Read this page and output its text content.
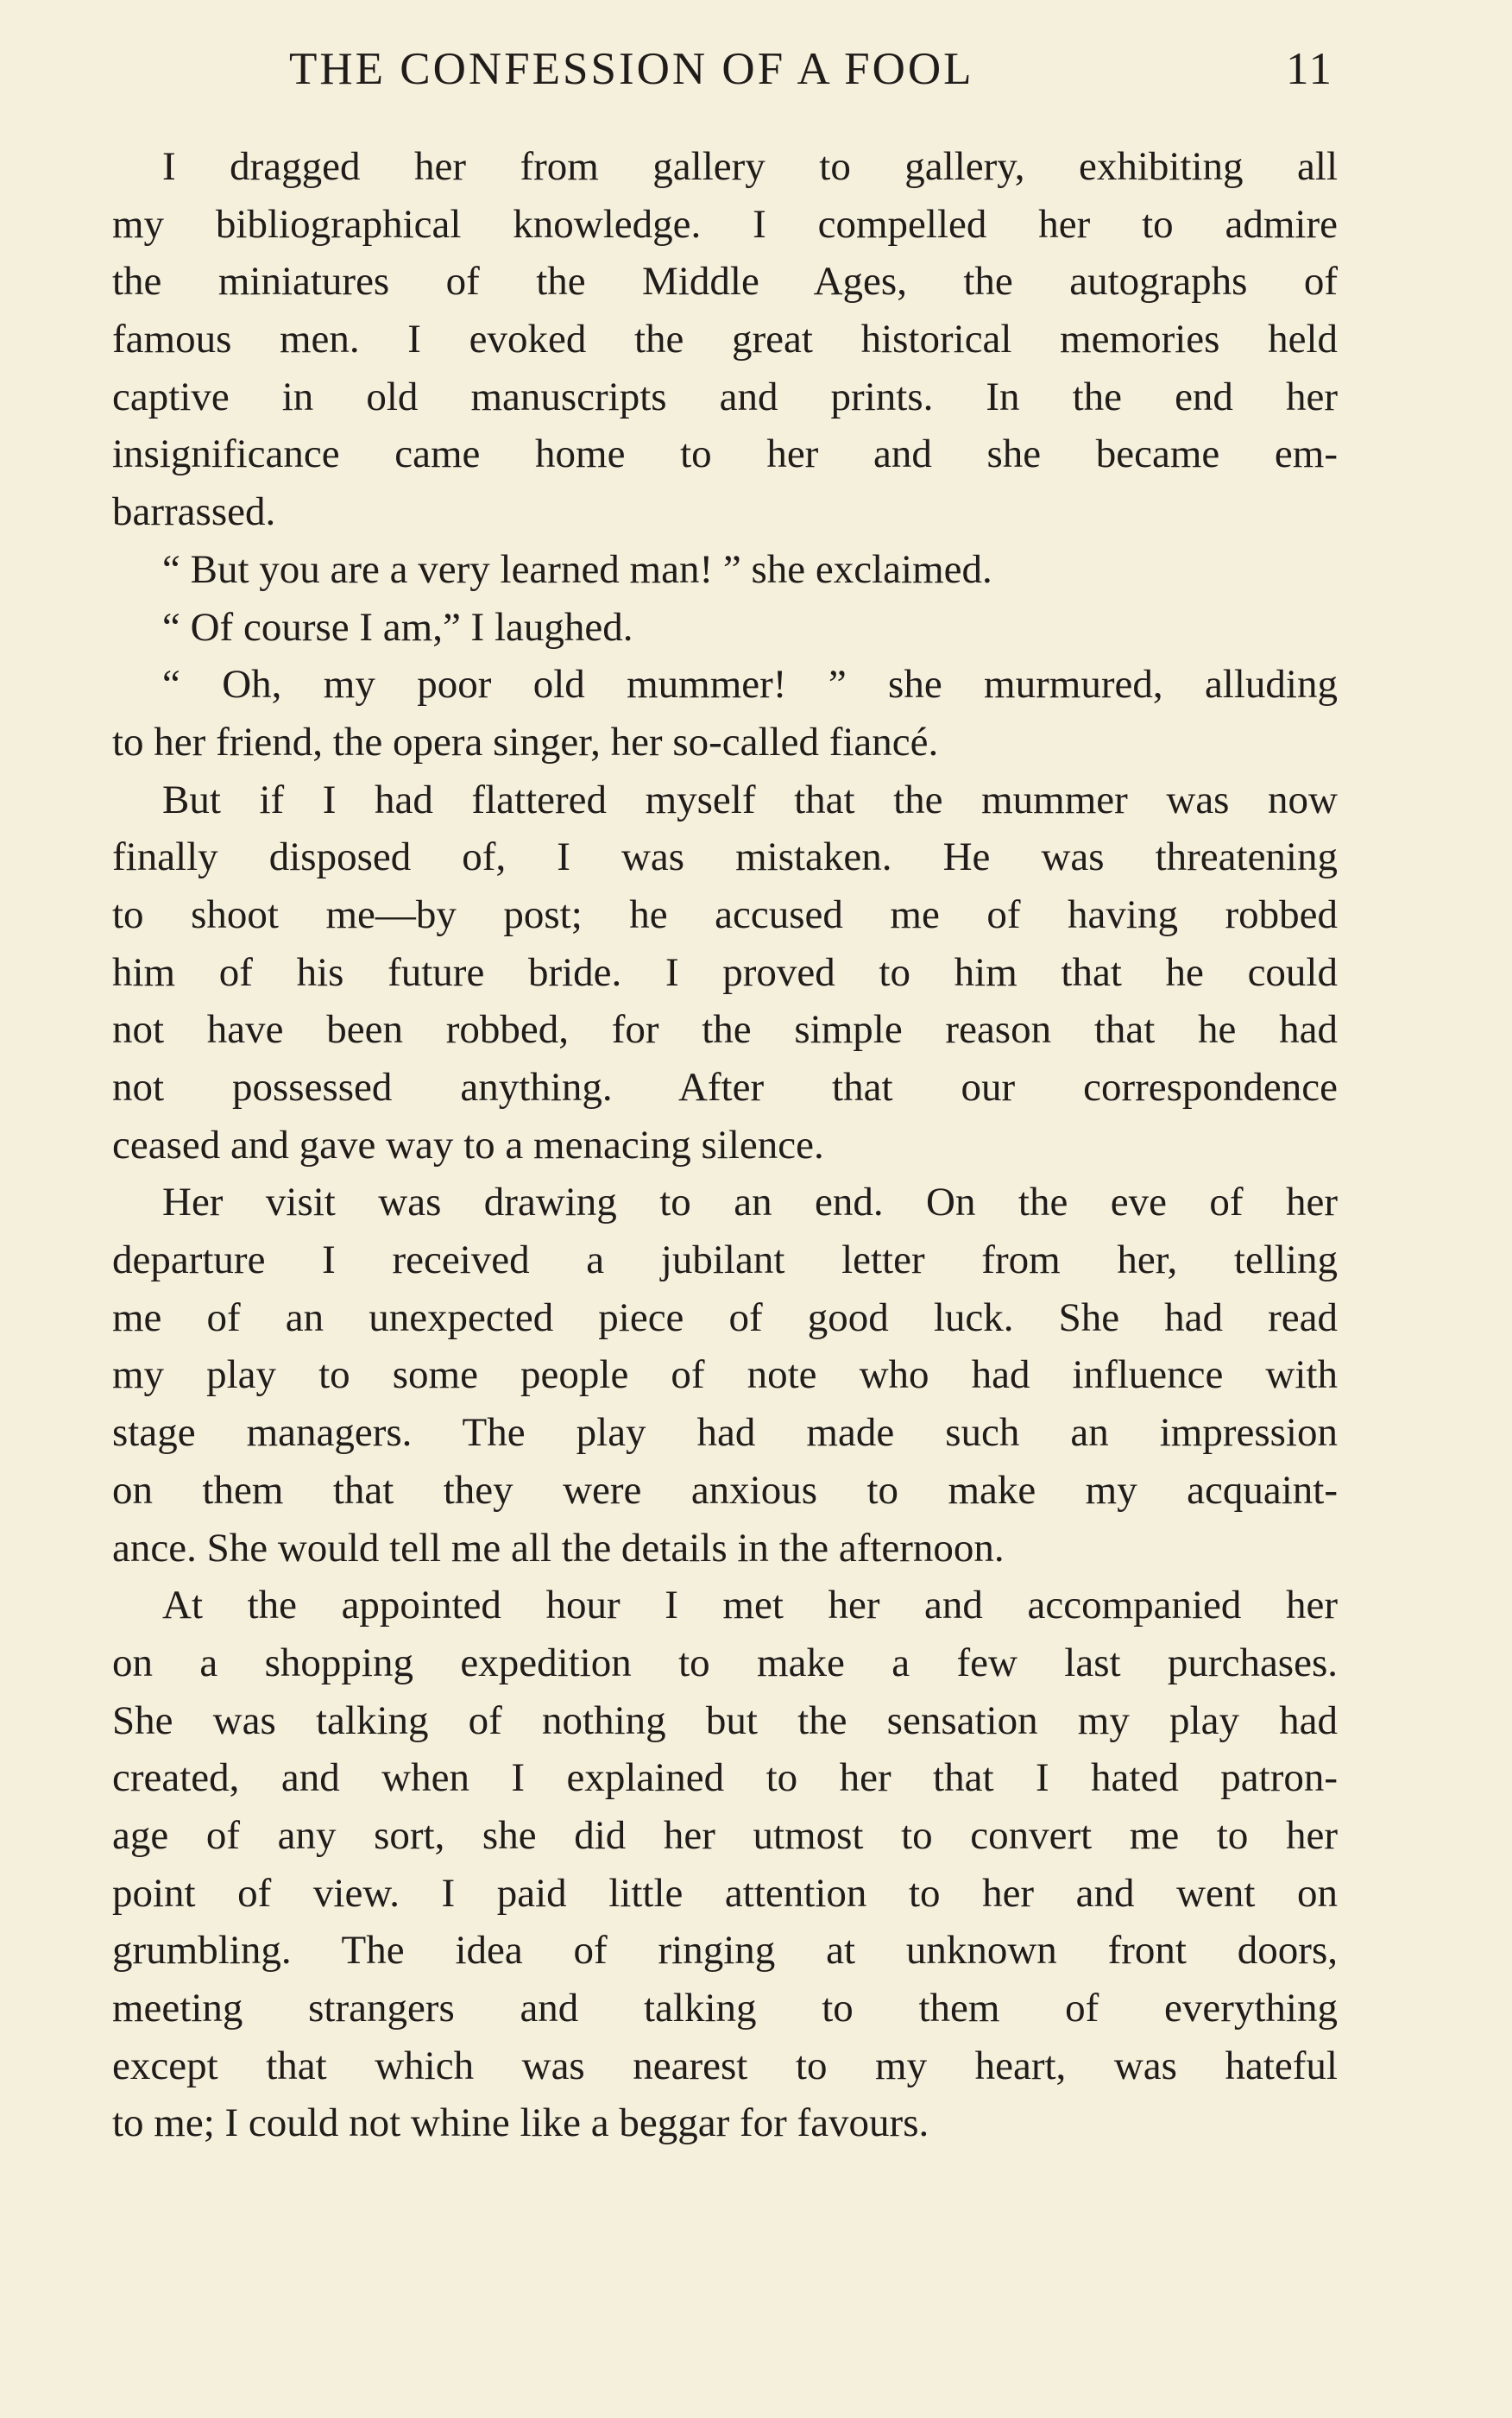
THE CONFESSION OF A FOOL	11
I dragged her from gallery to gallery, exhibiting all
my bibliographical knowledge. I compelled her to admire
the miniatures of the Middle Ages, the autographs of
famous men. I evoked the great historical memories held
captive in old manuscripts and prints. In the end her
insignificance came home to her and she became em-
barrassed.
“ But you are a very learned man! ” she exclaimed.
“ Of course I am,” I laughed.
“ Oh, my poor old mummer! ” she murmured, alluding
to her friend, the opera singer, her so-called fiancé.
But if I had flattered myself that the mummer was now
finally disposed of, I was mistaken. He was threatening
to shoot me—by post; he accused me of having robbed
him of his future bride. I proved to him that he could
not have been robbed, for the simple reason that he had
not possessed anything. After that our correspondence
ceased and gave way to a menacing silence.
Her visit was drawing to an end. On the eve of her
departure I received a jubilant letter from her, telling
me of an unexpected piece of good luck. She had read
my play to some people of note who had influence with
stage managers. The play had made such an impression
on them that they were anxious to make my acquaint-
ance. She would tell me all the details in the afternoon.
At the appointed hour I met her and accompanied her
on a shopping expedition to make a few last purchases.
She was talking of nothing but the sensation my play had
created, and when I explained to her that I hated patron-
age of any sort, she did her utmost to convert me to her
point of view. I paid little attention to her and went on
grumbling. The idea of ringing at unknown front doors,
meeting strangers and talking to them of everything
except that which was nearest to my heart, was hateful
to me; I could not whine like a beggar for favours.
